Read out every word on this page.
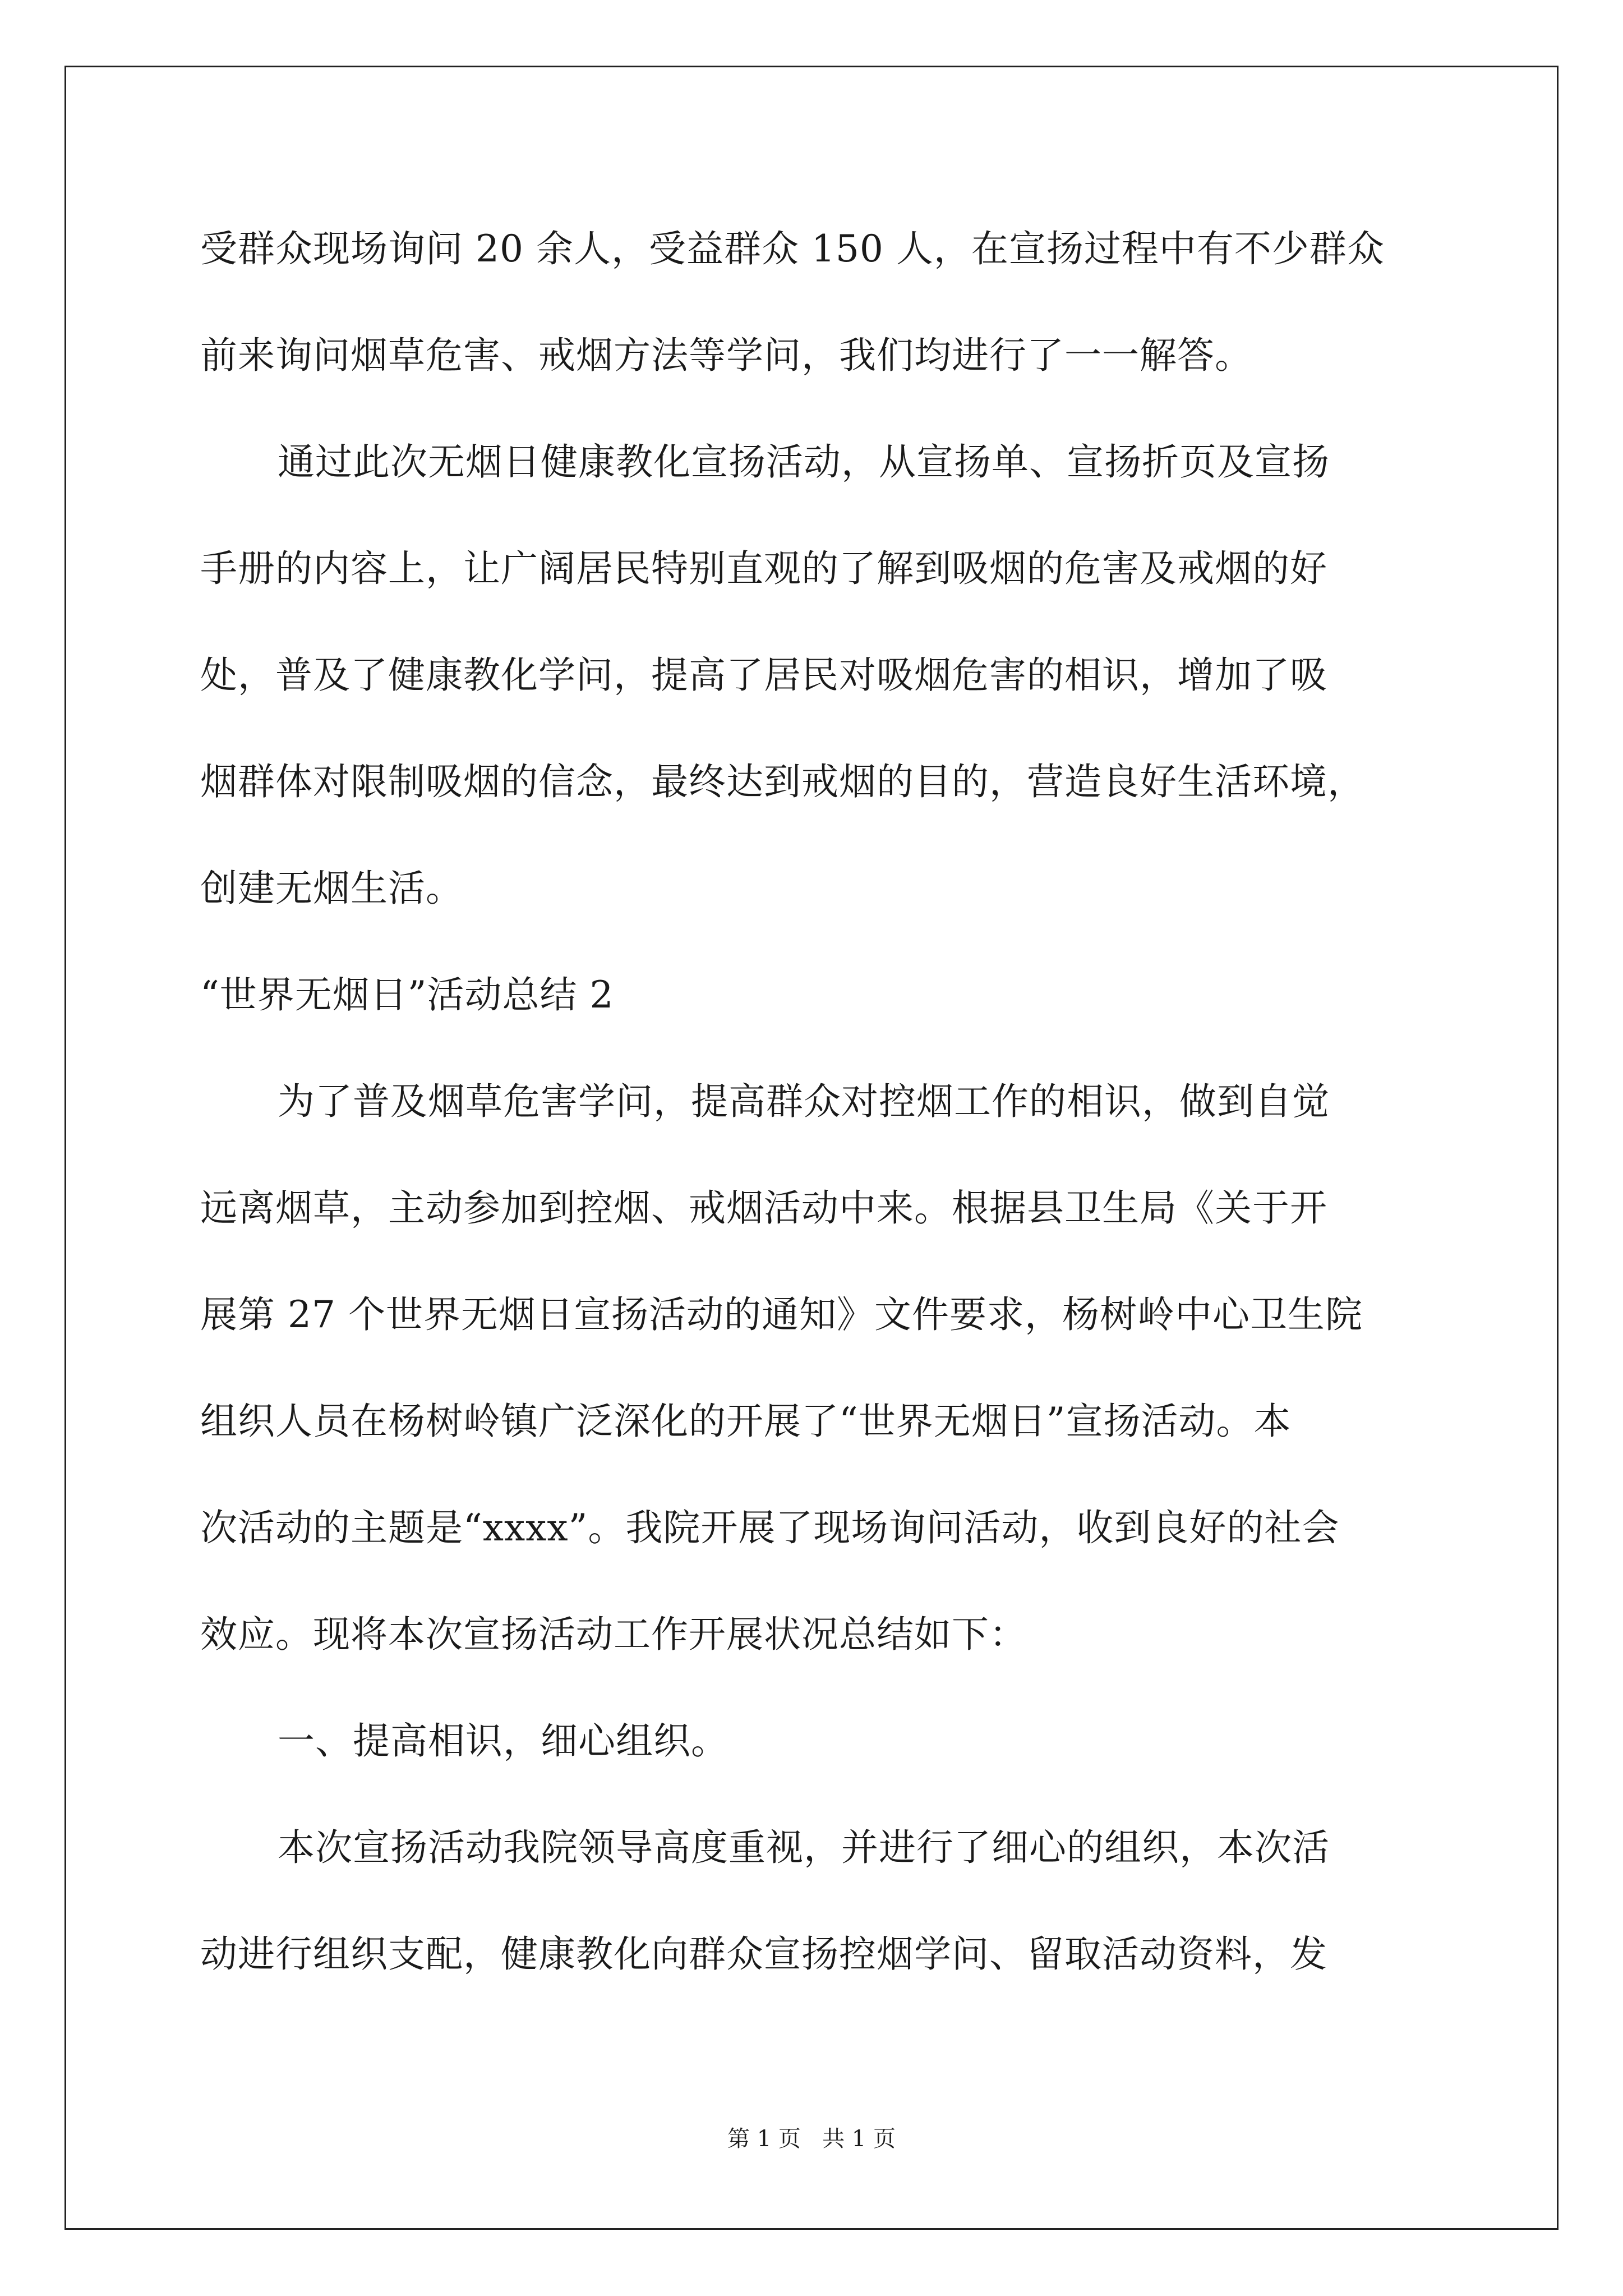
受群众现场询问 20 余人，受益群众 150 人，在宣扬过程中有不少群众
前来询问烟草危害、戒烟方法等学问，我们均进行了一一解答。
通过此次无烟日健康教化宣扬活动，从宣扬单、宣扬折页及宣扬
手册的内容上，让广阔居民特别直观的了解到吸烟的危害及戒烟的好
处，普及了健康教化学问，提高了居民对吸烟危害的相识，增加了吸
烟群体对限制吸烟的信念，最终达到戒烟的目的，营造良好生活环境，
创建无烟生活。
“世界无烟日”活动总结 2
为了普及烟草危害学问，提高群众对控烟工作的相识，做到自觉
远离烟草，主动参加到控烟、戒烟活动中来。根据县卫生局《关于开
展第 27 个世界无烟日宣扬活动的通知》文件要求，杨树岭中心卫生院
组织人员在杨树岭镇广泛深化的开展了“世界无烟日”宣扬活动。本
次活动的主题是“xxxx”。我院开展了现场询问活动，收到良好的社会
效应。现将本次宣扬活动工作开展状况总结如下：
一、提高相识，细心组织。
本次宣扬活动我院领导高度重视，并进行了细心的组织，本次活
动进行组织支配，健康教化向群众宣扬控烟学问、留取活动资料，发
第 1 页   共 1 页
